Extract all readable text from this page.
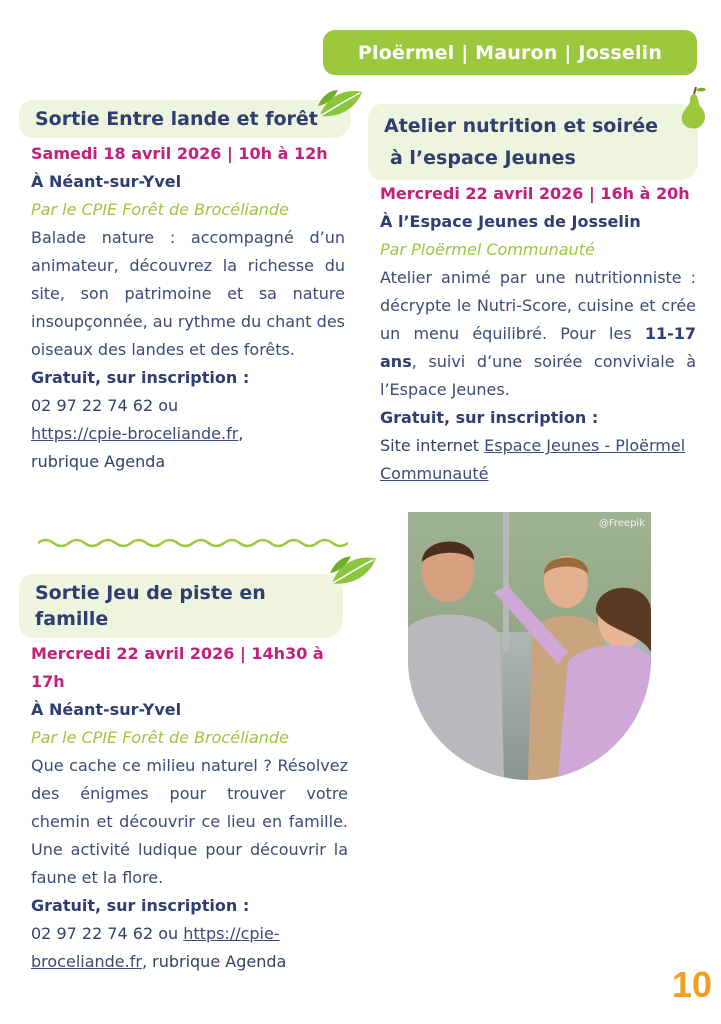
Ploërmel | Mauron | Josselin
Sortie Entre lande et forêt
Samedi 18 avril 2026 | 10h à 12h
À Néant-sur-Yvel
Par le CPIE Forêt de Brocéliande
Balade nature : accompagné d’un animateur, découvrez la richesse du site, son patrimoine et sa nature insoupçonnée, au rythme du chant des oiseaux des landes et des forêts.
Gratuit, sur inscription :
02 97 22 74 62 ou
https://cpie-broceliande.fr,
rubrique Agenda
Atelier nutrition et soirée
à l’espace Jeunes
Mercredi 22 avril 2026 | 16h à 20h
À l’Espace Jeunes de Josselin
Par Ploërmel Communauté
Atelier animé par une nutritionniste : décrypte le Nutri-Score, cuisine et crée un menu équilibré. Pour les 11-17 ans, suivi d’une soirée conviviale à l’Espace Jeunes.
Gratuit, sur inscription :
Site internet Espace Jeunes - Ploërmel Communauté
Sortie Jeu de piste en famille
Mercredi 22 avril 2026 | 14h30 à 17h
À Néant-sur-Yvel
Par le CPIE Forêt de Brocéliande
Que cache ce milieu naturel ? Résolvez des énigmes pour trouver votre chemin et découvrir ce lieu en famille. Une activité ludique pour découvrir la faune et la flore.
Gratuit, sur inscription :
02 97 22 74 62 ou https://cpie-broceliande.fr, rubrique Agenda
@Freepik
10
